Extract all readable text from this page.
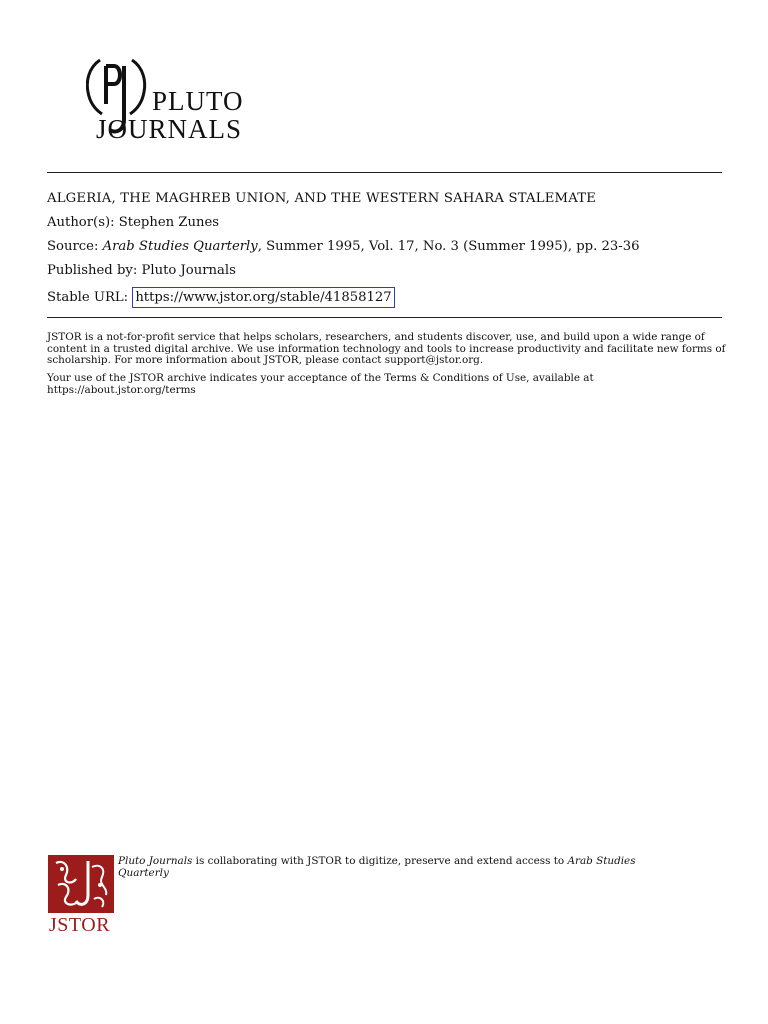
PLUTO
JOURNALS
ALGERIA, THE MAGHREB UNION, AND THE WESTERN SAHARA STALEMATE
Author(s): Stephen Zunes
Source: Arab Studies Quarterly, Summer 1995, Vol. 17, No. 3 (Summer 1995), pp. 23-36
Published by: Pluto Journals
Stable URL: https://www.jstor.org/stable/41858127
JSTOR is a not-for-profit service that helps scholars, researchers, and students discover, use, and build upon a wide range of content in a trusted digital archive. We use information technology and tools to increase productivity and facilitate new forms of scholarship. For more information about JSTOR, please contact support@jstor.org.
Your use of the JSTOR archive indicates your acceptance of the Terms & Conditions of Use, available at https://about.jstor.org/terms
JSTOR
Pluto Journals is collaborating with JSTOR to digitize, preserve and extend access to Arab Studies Quarterly
